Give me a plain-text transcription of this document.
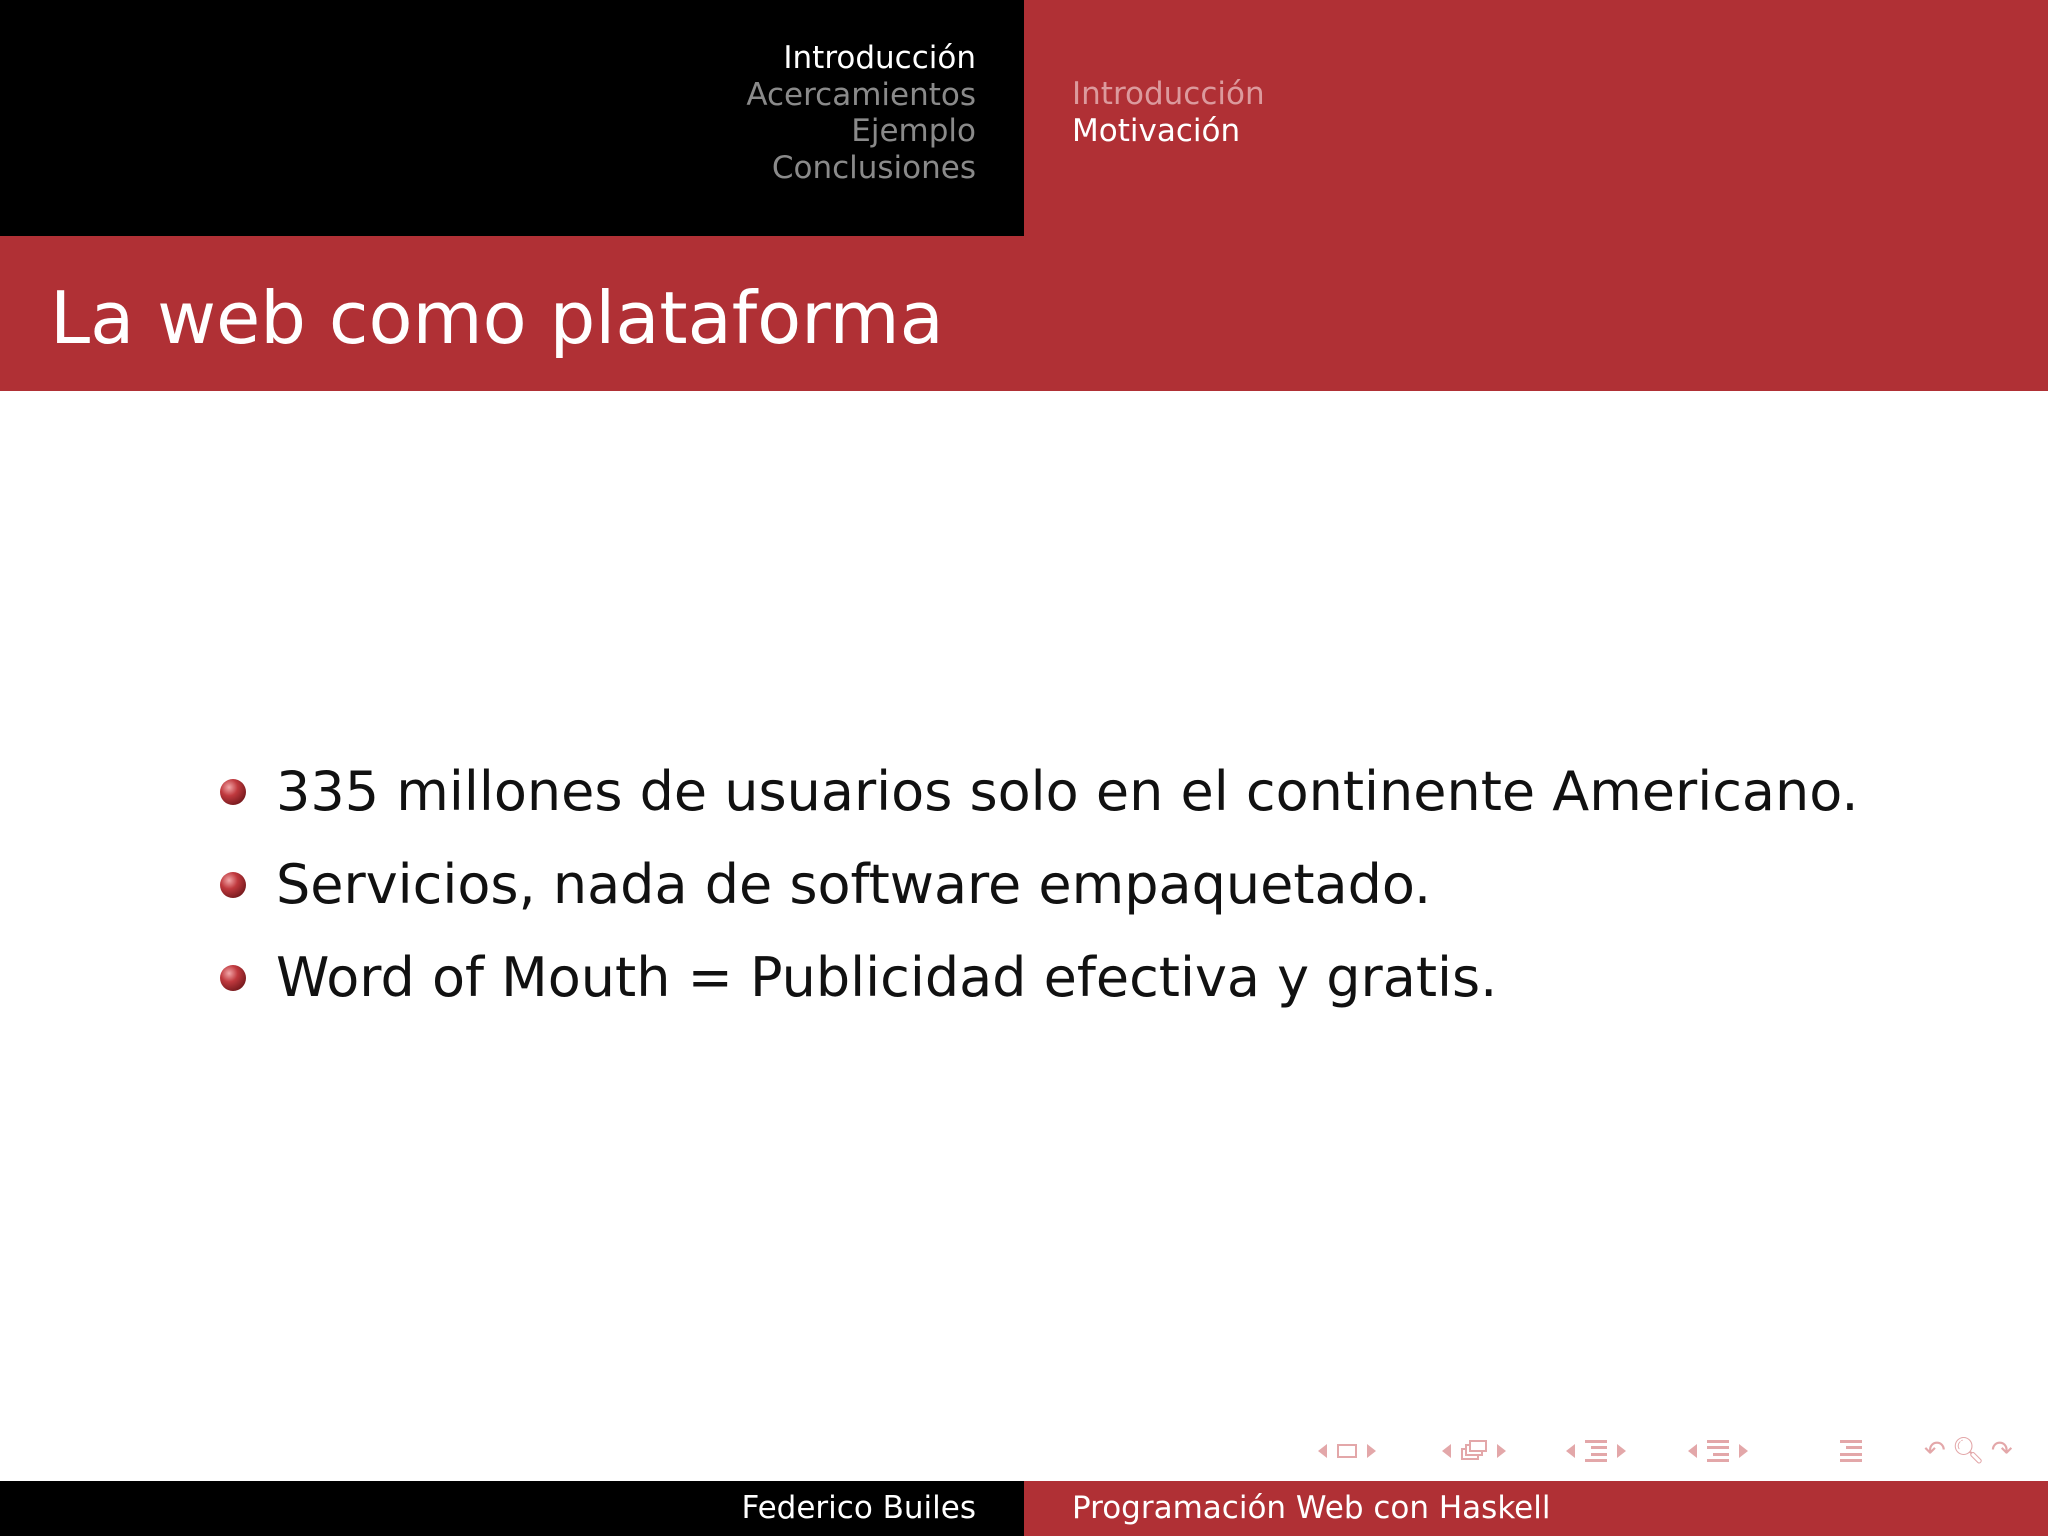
Introducción
Acercamientos
Ejemplo
Conclusiones
Introducción
Motivación
La web como plataforma
335 millones de usuarios solo en el continente Americano.
Servicios, nada de software empaquetado.
Word of Mouth = Publicidad efectiva y gratis.
↶ 🔍︎ ↷
Federico Builes	Programación Web con Haskell
